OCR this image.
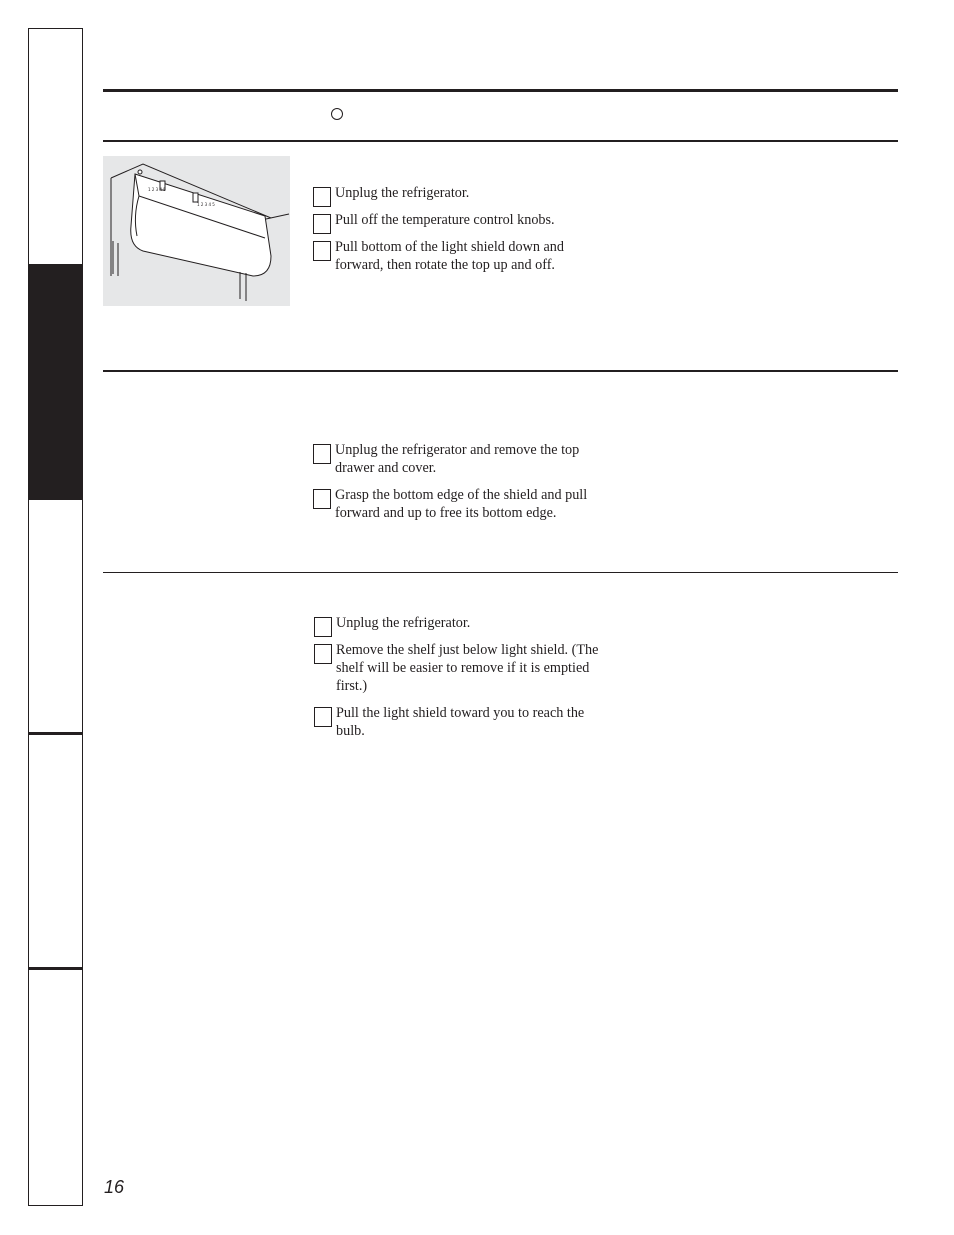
1 2 3 4 5
1 2 3 4 5
Unplug the refrigerator.
Pull off the temperature control knobs.
Pull bottom of the light shield down and forward, then rotate the top up and off.
Unplug the refrigerator and remove the top drawer and cover.
Grasp the bottom edge of the shield and pull forward and up to free its bottom edge.
Unplug the refrigerator.
Remove the shelf just below light shield. (The shelf will be easier to remove if it is emptied first.)
Pull the light shield toward you to reach the bulb.
16
